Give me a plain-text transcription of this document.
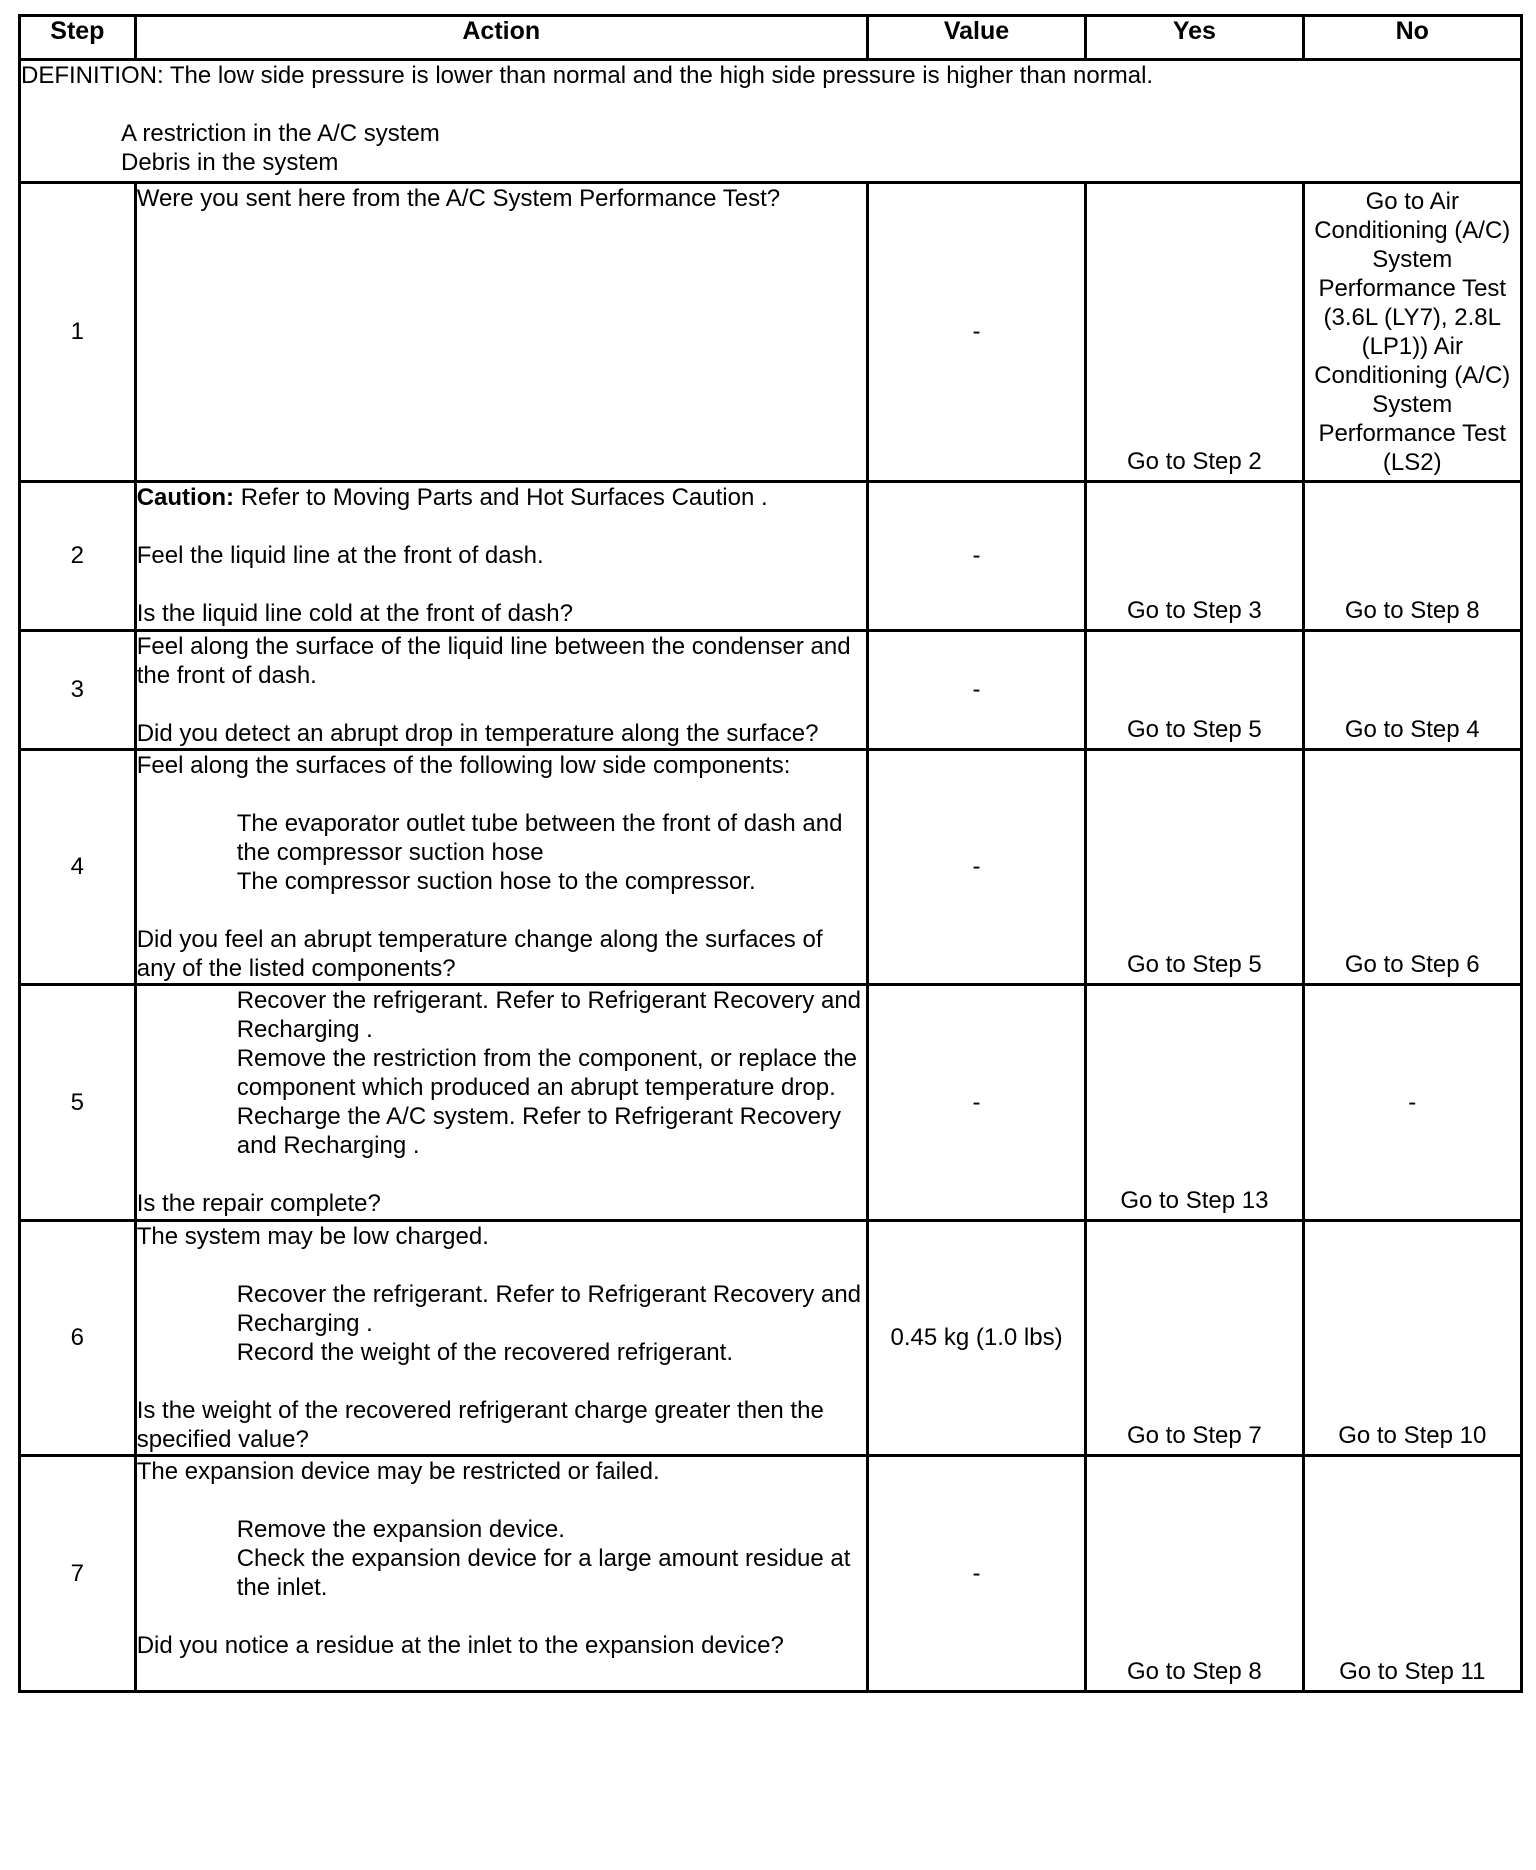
Step	Action	Value	Yes	No

DEFINITION: The low side pressure is lower than normal and the high side pressure is higher than normal.

A restriction in the A/C system

Debris in the system				

1	Were you sent here from the A/C System Performance Test?	-	Go to Step 2	Go to Air Conditioning (A/C) System Performance Test (3.6L (LY7), 2.8L (LP1)) Air Conditioning (A/C) System Performance Test (LS2)

2	Caution: Refer to Moving Parts and Hot Surfaces Caution .

Feel the liquid line at the front of dash.

Is the liquid line cold at the front of dash?	-	Go to Step 3	Go to Step 8

3	Feel along the surface of the liquid line between the condenser and the front of dash.

Did you detect an abrupt drop in temperature along the surface?	-	Go to Step 5	Go to Step 4

4	Feel along the surfaces of the following low side components:

The evaporator outlet tube between the front of dash and the compressor suction hose

The compressor suction hose to the compressor.

Did you feel an abrupt temperature change along the surfaces of any of the listed components?	-	Go to Step 5	Go to Step 6

5	Recover the refrigerant. Refer to Refrigerant Recovery and Recharging .

Remove the restriction from the component, or replace the component which produced an abrupt temperature drop.

Recharge the A/C system. Refer to Refrigerant Recovery and Recharging .

Is the repair complete?	-	Go to Step 13	-
6	The system may be low charged.

Recover the refrigerant. Refer to Refrigerant Recovery and Recharging .

Record the weight of the recovered refrigerant.

Is the weight of the recovered refrigerant charge greater then the specified value?	0.45 kg (1.0 lbs)	Go to Step 7	Go to Step 10

7	The expansion device may be restricted or failed.

Remove the expansion device.

Check the expansion device for a large amount residue at the inlet.

Did you notice a residue at the inlet to the expansion device?	-	Go to Step 8	Go to Step 11
